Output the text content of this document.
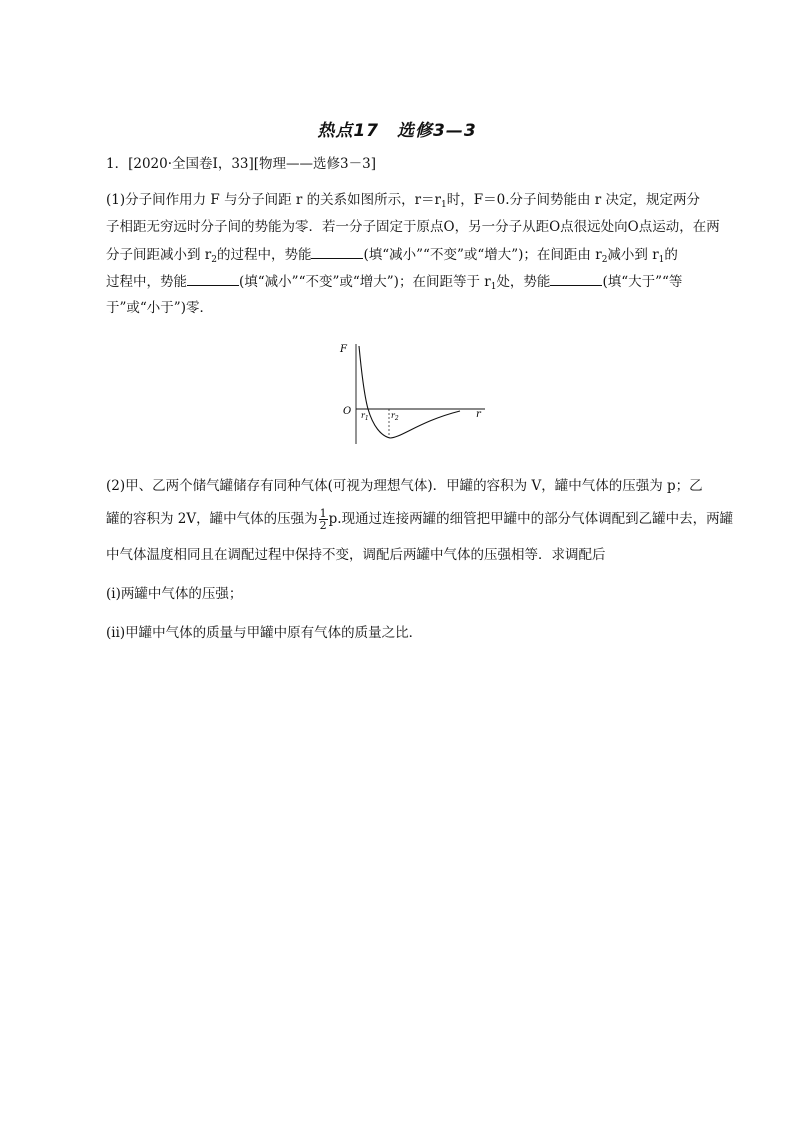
热点17　选修3—3
1．[2020·全国卷Ⅰ，33][物理——选修3－3]
(1)分子间作用力 F 与分子间距 r 的关系如图所示，$r=r_1$时，F＝0.分子间势能由 r 决定，规定两分
子相距无穷远时分子间的势能为零．若一分子固定于原点O，另一分子从距O点很远处向O点运动，在两
分子间距减小到 $r_2$的过程中，势能	(填“减小”“不变”或“增大”)；在间距由 $r_2$减小到 $r_1$的
过程中，势能	(填“减小”“不变”或“增大”)；在间距等于 $r_1$处，势能	(填“大于”“等
于”或“小于”)零．
F
r
O $r_1$	$r_2$
(2)甲、乙两个储气罐储存有同种气体(可视为理想气体)．甲罐的容积为 V，罐中气体的压强为 p；乙
罐的容积为 2V，罐中气体的压强为 $\frac{1}{2} p$.现通过连接两罐的细管把甲罐中的部分气体调配到乙罐中去，两罐
中气体温度相同且在调配过程中保持不变，调配后两罐中气体的压强相等．求调配后
(ⅰ)两罐中气体的压强；
(ⅱ)甲罐中气体的质量与甲罐中原有气体的质量之比．
